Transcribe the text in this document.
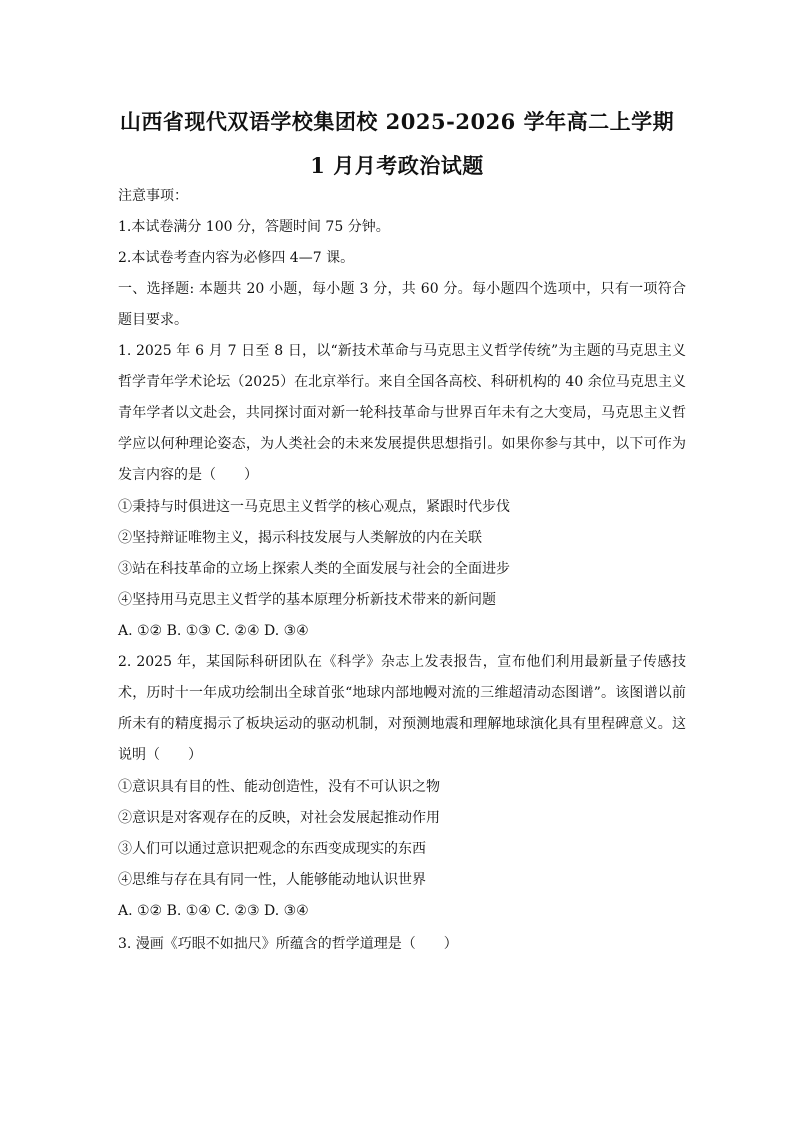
山西省现代双语学校集团校 2025-2026 学年高二上学期
1 月月考政治试题
注意事项：
1.本试卷满分 100 分，答题时间 75 分钟。
2.本试卷考查内容为必修四 4—7 课。
一、选择题: 本题共 20 小题，每小题 3 分，共 60 分。每小题四个选项中，只有一项符合题目要求。
1. 2025 年 6 月 7 日至 8 日，以“新技术革命与马克思主义哲学传统”为主题的马克思主义哲学青年学术论坛（2025）在北京举行。来自全国各高校、科研机构的 40 余位马克思主义青年学者以文赴会，共同探讨面对新一轮科技革命与世界百年未有之大变局，马克思主义哲学应以何种理论姿态，为人类社会的未来发展提供思想指引。如果你参与其中，以下可作为发言内容的是（　　）
①秉持与时俱进这一马克思主义哲学的核心观点，紧跟时代步伐
②坚持辩证唯物主义，揭示科技发展与人类解放的内在关联
③站在科技革命的立场上探索人类的全面发展与社会的全面进步
④坚持用马克思主义哲学的基本原理分析新技术带来的新问题
A. ①② B. ①③ C. ②④ D. ③④
2. 2025 年，某国际科研团队在《科学》杂志上发表报告，宣布他们利用最新量子传感技术，历时十一年成功绘制出全球首张“地球内部地幔对流的三维超清动态图谱”。该图谱以前所未有的精度揭示了板块运动的驱动机制，对预测地震和理解地球演化具有里程碑意义。这说明（　　）
①意识具有目的性、能动创造性，没有不可认识之物
②意识是对客观存在的反映，对社会发展起推动作用
③人们可以通过意识把观念的东西变成现实的东西
④思维与存在具有同一性，人能够能动地认识世界
A. ①② B. ①④ C. ②③ D. ③④
3. 漫画《巧眼不如拙尺》所蕴含的哲学道理是（　　）
